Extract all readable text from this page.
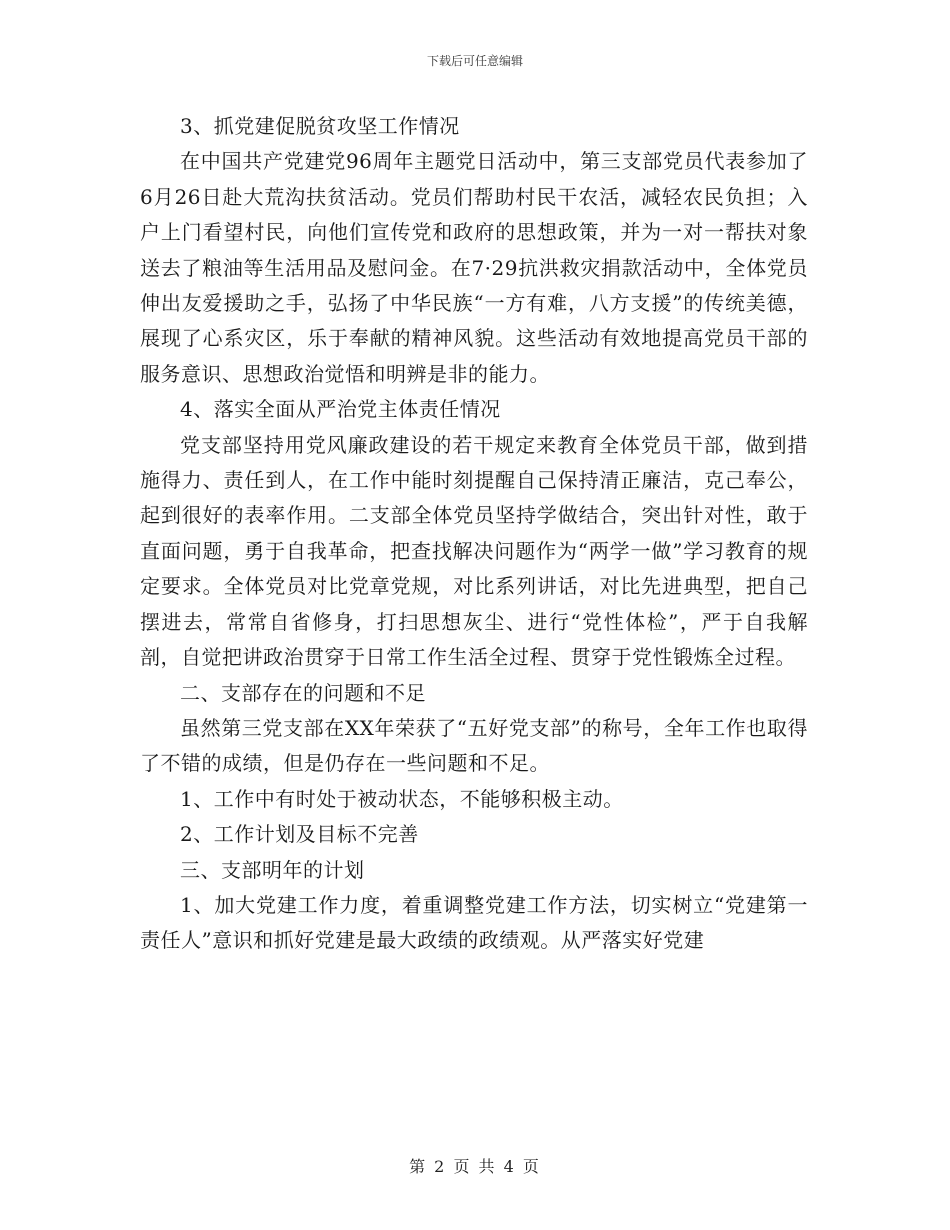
下载后可任意编辑

3、抓党建促脱贫攻坚工作情况

在中国共产党建党96周年主题党日活动中，第三支部党员代表参加了6月26日赴大荒沟扶贫活动。党员们帮助村民干农活，减轻农民负担；入户上门看望村民，向他们宣传党和政府的思想政策，并为一对一帮扶对象送去了粮油等生活用品及慰问金。在7·29抗洪救灾捐款活动中，全体党员伸出友爱援助之手，弘扬了中华民族“一方有难，八方支援”的传统美德，展现了心系灾区，乐于奉献的精神风貌。这些活动有效地提高党员干部的服务意识、思想政治觉悟和明辨是非的能力。

4、落实全面从严治党主体责任情况

党支部坚持用党风廉政建设的若干规定来教育全体党员干部，做到措施得力、责任到人，在工作中能时刻提醒自己保持清正廉洁，克己奉公，起到很好的表率作用。二支部全体党员坚持学做结合，突出针对性，敢于直面问题，勇于自我革命，把查找解决问题作为“两学一做”学习教育的规定要求。全体党员对比党章党规，对比系列讲话，对比先进典型，把自己摆进去，常常自省修身，打扫思想灰尘、进行“党性体检”，严于自我解剖，自觉把讲政治贯穿于日常工作生活全过程、贯穿于党性锻炼全过程。

二、支部存在的问题和不足

虽然第三党支部在XX年荣获了“五好党支部”的称号，全年工作也取得了不错的成绩，但是仍存在一些问题和不足。

1、工作中有时处于被动状态，不能够积极主动。

2、工作计划及目标不完善

三、支部明年的计划

1、加大党建工作力度，着重调整党建工作方法，切实树立“党建第一责任人”意识和抓好党建是最大政绩的政绩观。从严落实好党建

第 2 页 共 4 页
